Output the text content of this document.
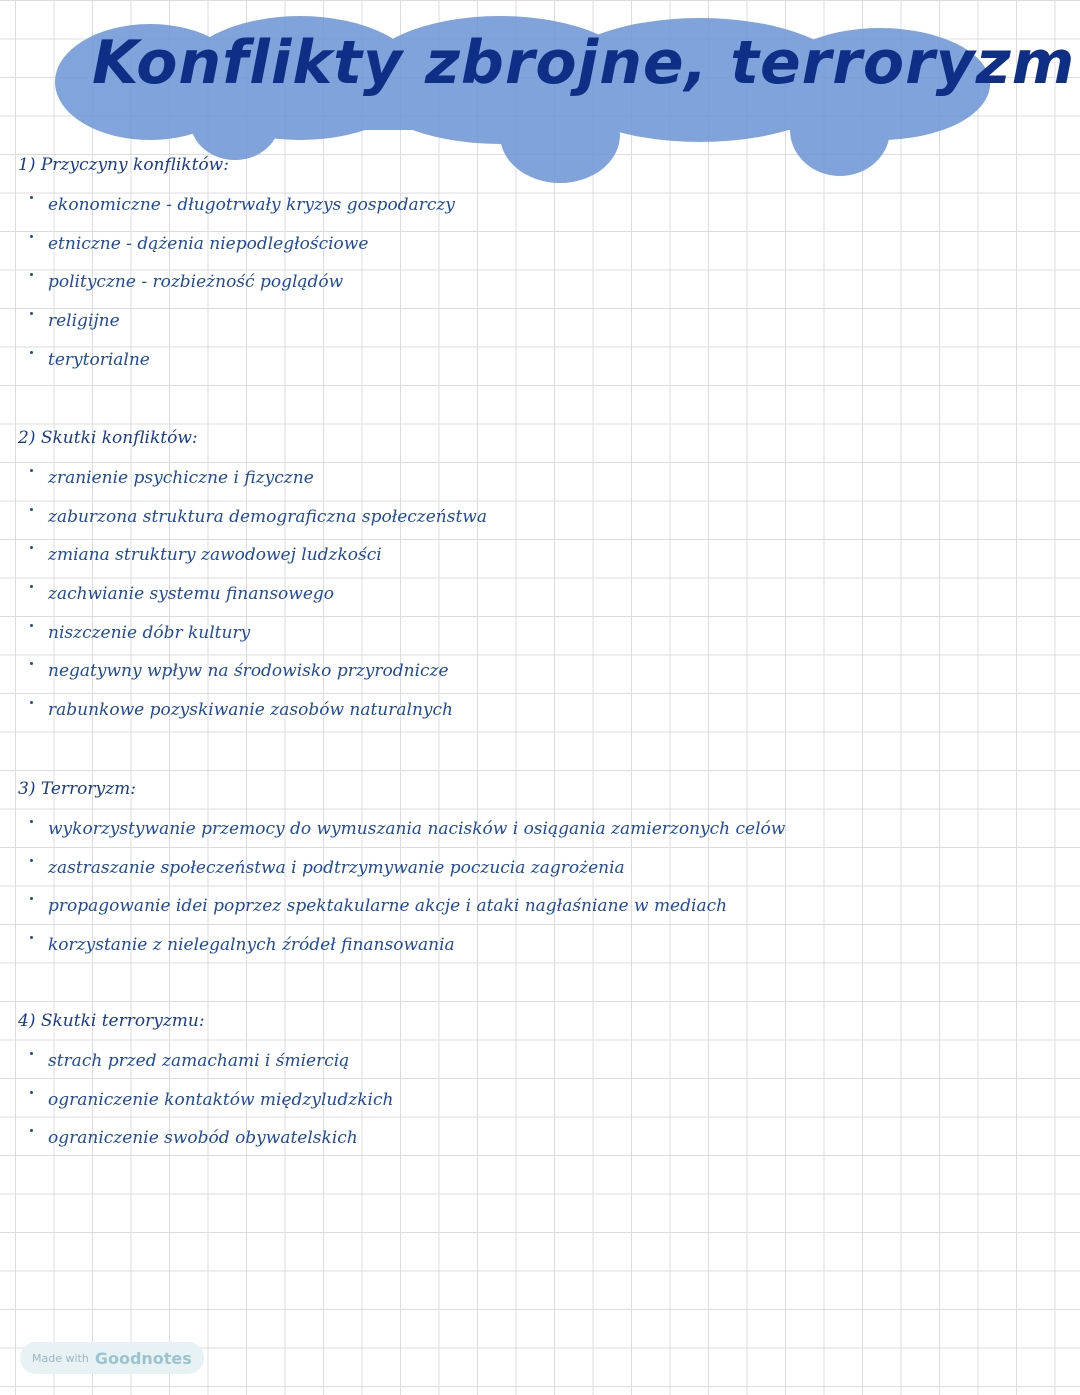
Konflikty zbrojne, terroryzm
1) Przyczyny konfliktów:
ekonomiczne - długotrwały kryzys gospodarczy
etniczne - dążenia niepodległościowe
polityczne - rozbieżność poglądów
religijne
terytorialne
2) Skutki konfliktów:
zranienie psychiczne i fizyczne
zaburzona struktura demograficzna społeczeństwa
zmiana struktury zawodowej ludzkości
zachwianie systemu finansowego
niszczenie dóbr kultury
negatywny wpływ na środowisko przyrodnicze
rabunkowe pozyskiwanie zasobów naturalnych
3) Terroryzm:
wykorzystywanie przemocy do wymuszania nacisków i osiągania zamierzonych celów
zastraszanie społeczeństwa i podtrzymywanie poczucia zagrożenia
propagowanie idei poprzez spektakularne akcje i ataki nagłaśniane w mediach
korzystanie z nielegalnych źródeł finansowania
4) Skutki terroryzmu:
strach przed zamachami i śmiercią
ograniczenie kontaktów międzyludzkich
ograniczenie swobód obywatelskich
Made with Goodnotes
